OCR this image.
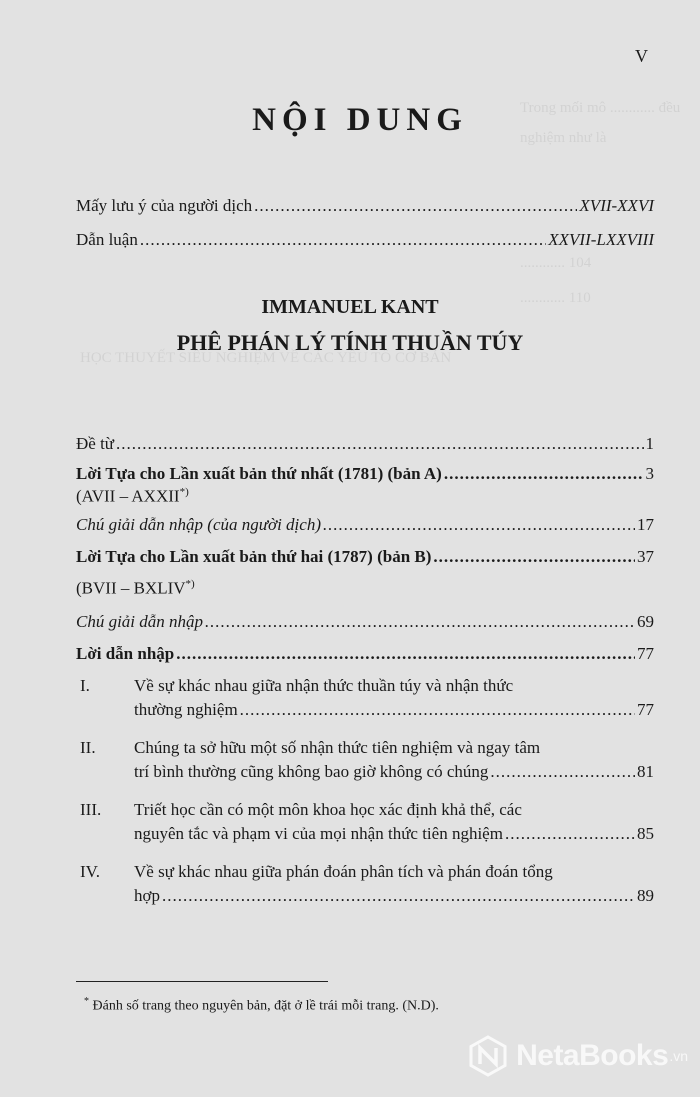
Trong mối mô ............ đều
nghiệm như là
............ 104
............ 110
HỌC THUYẾT SIÊU NGHIỆM VỀ CÁC YẾU TỐ CƠ BẢN
V
NỘI DUNG
Mấy lưu ý của người dịch .....	XVII-XXVI
Dẫn luận .....	XXVII-LXXVIII
IMMANUEL KANT
PHÊ PHÁN LÝ TÍNH THUẦN TÚY
Đề từ .....	1
Lời Tựa cho Lần xuất bản thứ nhất (1781) (bản A) .....	3
(AVII – AXXII*)
Chú giải dẫn nhập (của người dịch) .....	17
Lời Tựa cho Lần xuất bản thứ hai (1787) (bản B) .....	37
(BVII – BXLIV*)
Chú giải dẫn nhập .....	69
Lời dẫn nhập .....	77
I.	Về sự khác nhau giữa nhận thức thuần túy và nhận thức
thường nghiệm .....	77
II.	Chúng ta sở hữu một số nhận thức tiên nghiệm và ngay tâm
trí bình thường cũng không bao giờ không có chúng .....	81
III.	Triết học cần có một môn khoa học xác định khả thể, các
nguyên tắc và phạm vi của mọi nhận thức tiên nghiệm .....	85
IV.	Về sự khác nhau giữa phán đoán phân tích và phán đoán tổng
hợp .....	89
* Đánh số trang theo nguyên bản, đặt ở lề trái mỗi trang. (N.D).
NetaBooks .vn
